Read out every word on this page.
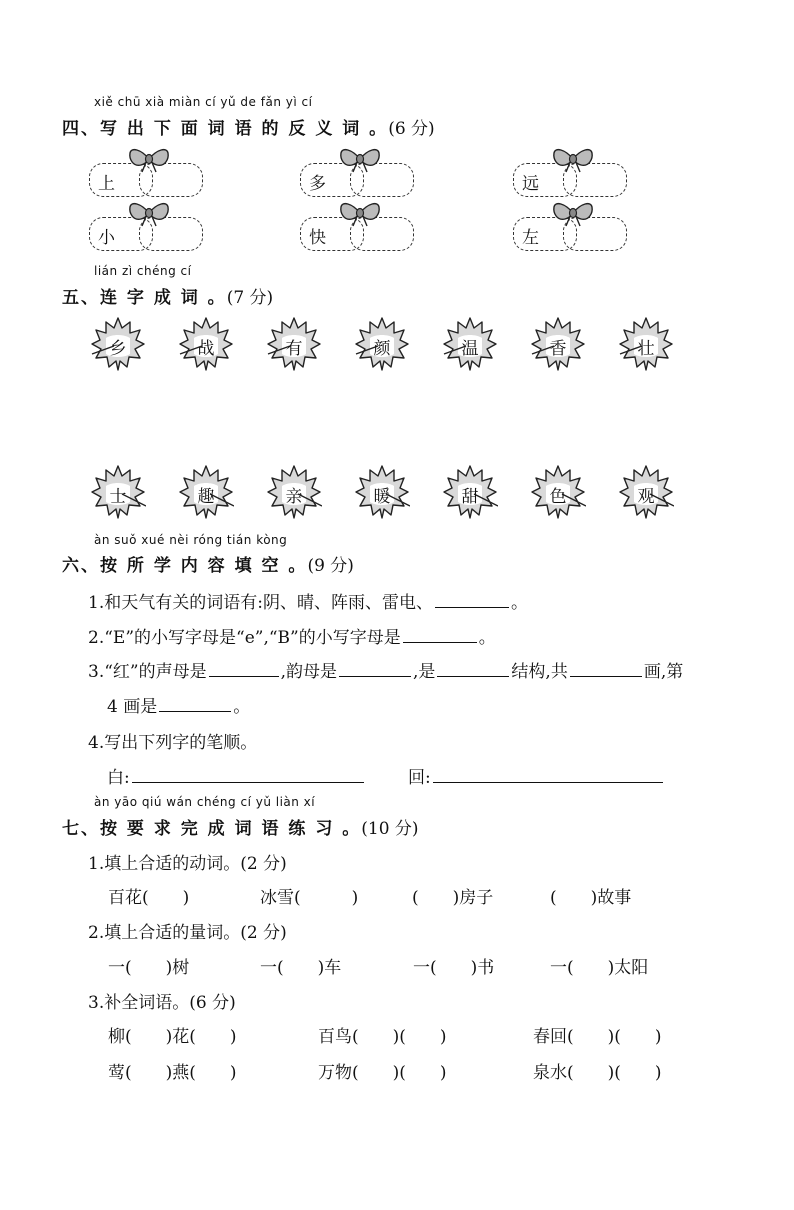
xiě chū xià miàn cí yǔ de fǎn yì cí
四、写 出 下 面 词 语 的 反 义 词 。(6 分)
上	多	远
小	快	左
lián zì chéng cí
五、连 字 成 词 。(7 分)
乡	战	有	颜	温	香	壮
士	趣	亲	暖	甜	色	观
àn suǒ xué nèi róng tián kòng
六、按 所 学 内 容 填 空 。(9 分)
1.和天气有关的词语有:阴、晴、阵雨、雷电、	。
2.“E”的小写字母是“e”,“B”的小写字母是	。
3.“红”的声母是	,韵母是	,是	结构,共	画,第
4 画是	。
4.写出下列字的笔顺。
白:	回:
àn yāo qiú wán chéng cí yǔ liàn xí
七、按 要 求 完 成 词 语 练 习 。(10 分)
1.填上合适的动词。(2 分)
百花(　　)	冰雪(　　　)	(　　)房子	(　　)故事
2.填上合适的量词。(2 分)
一(　　)树	一(　　)车	一(　　)书	一(　　)太阳
3.补全词语。(6 分)
柳(　　)花(　　)	百鸟(　　)(　　)	春回(　　)(　　)
莺(　　)燕(　　)	万物(　　)(　　)	泉水(　　)(　　)
